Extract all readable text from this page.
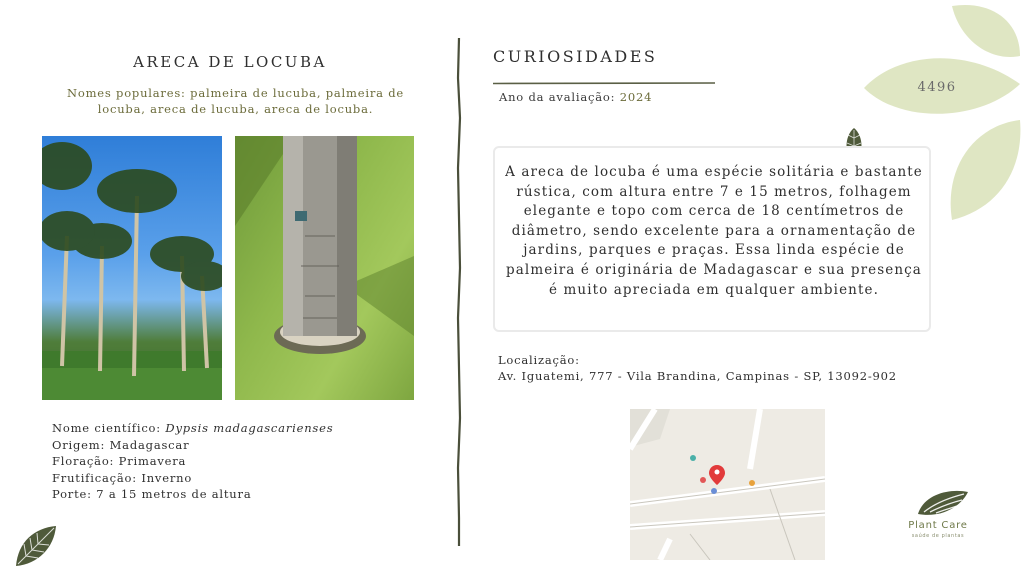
ARECA DE LOCUBA
Nomes populares: palmeira de lucuba, palmeira de locuba, areca de lucuba, areca de locuba.
Nome científico: Dypsis madagascarienses
Origem: Madagascar
Floração: Primavera
Frutificação: Inverno
Porte: 7 a 15 metros de altura
CURIOSIDADES
Ano da avaliação: 2024
4496
A areca de locuba é uma espécie solitária e bastante rústica, com altura entre 7 e 15 metros, folhagem elegante e topo com cerca de 18 centímetros de diâmetro, sendo excelente para a ornamentação de jardins, parques e praças. Essa linda espécie de palmeira é originária de Madagascar e sua presença é muito apreciada em qualquer ambiente.
Localização:
Av. Iguatemi, 777 - Vila Brandina, Campinas - SP, 13092-902
Plant Care
saúde de plantas
